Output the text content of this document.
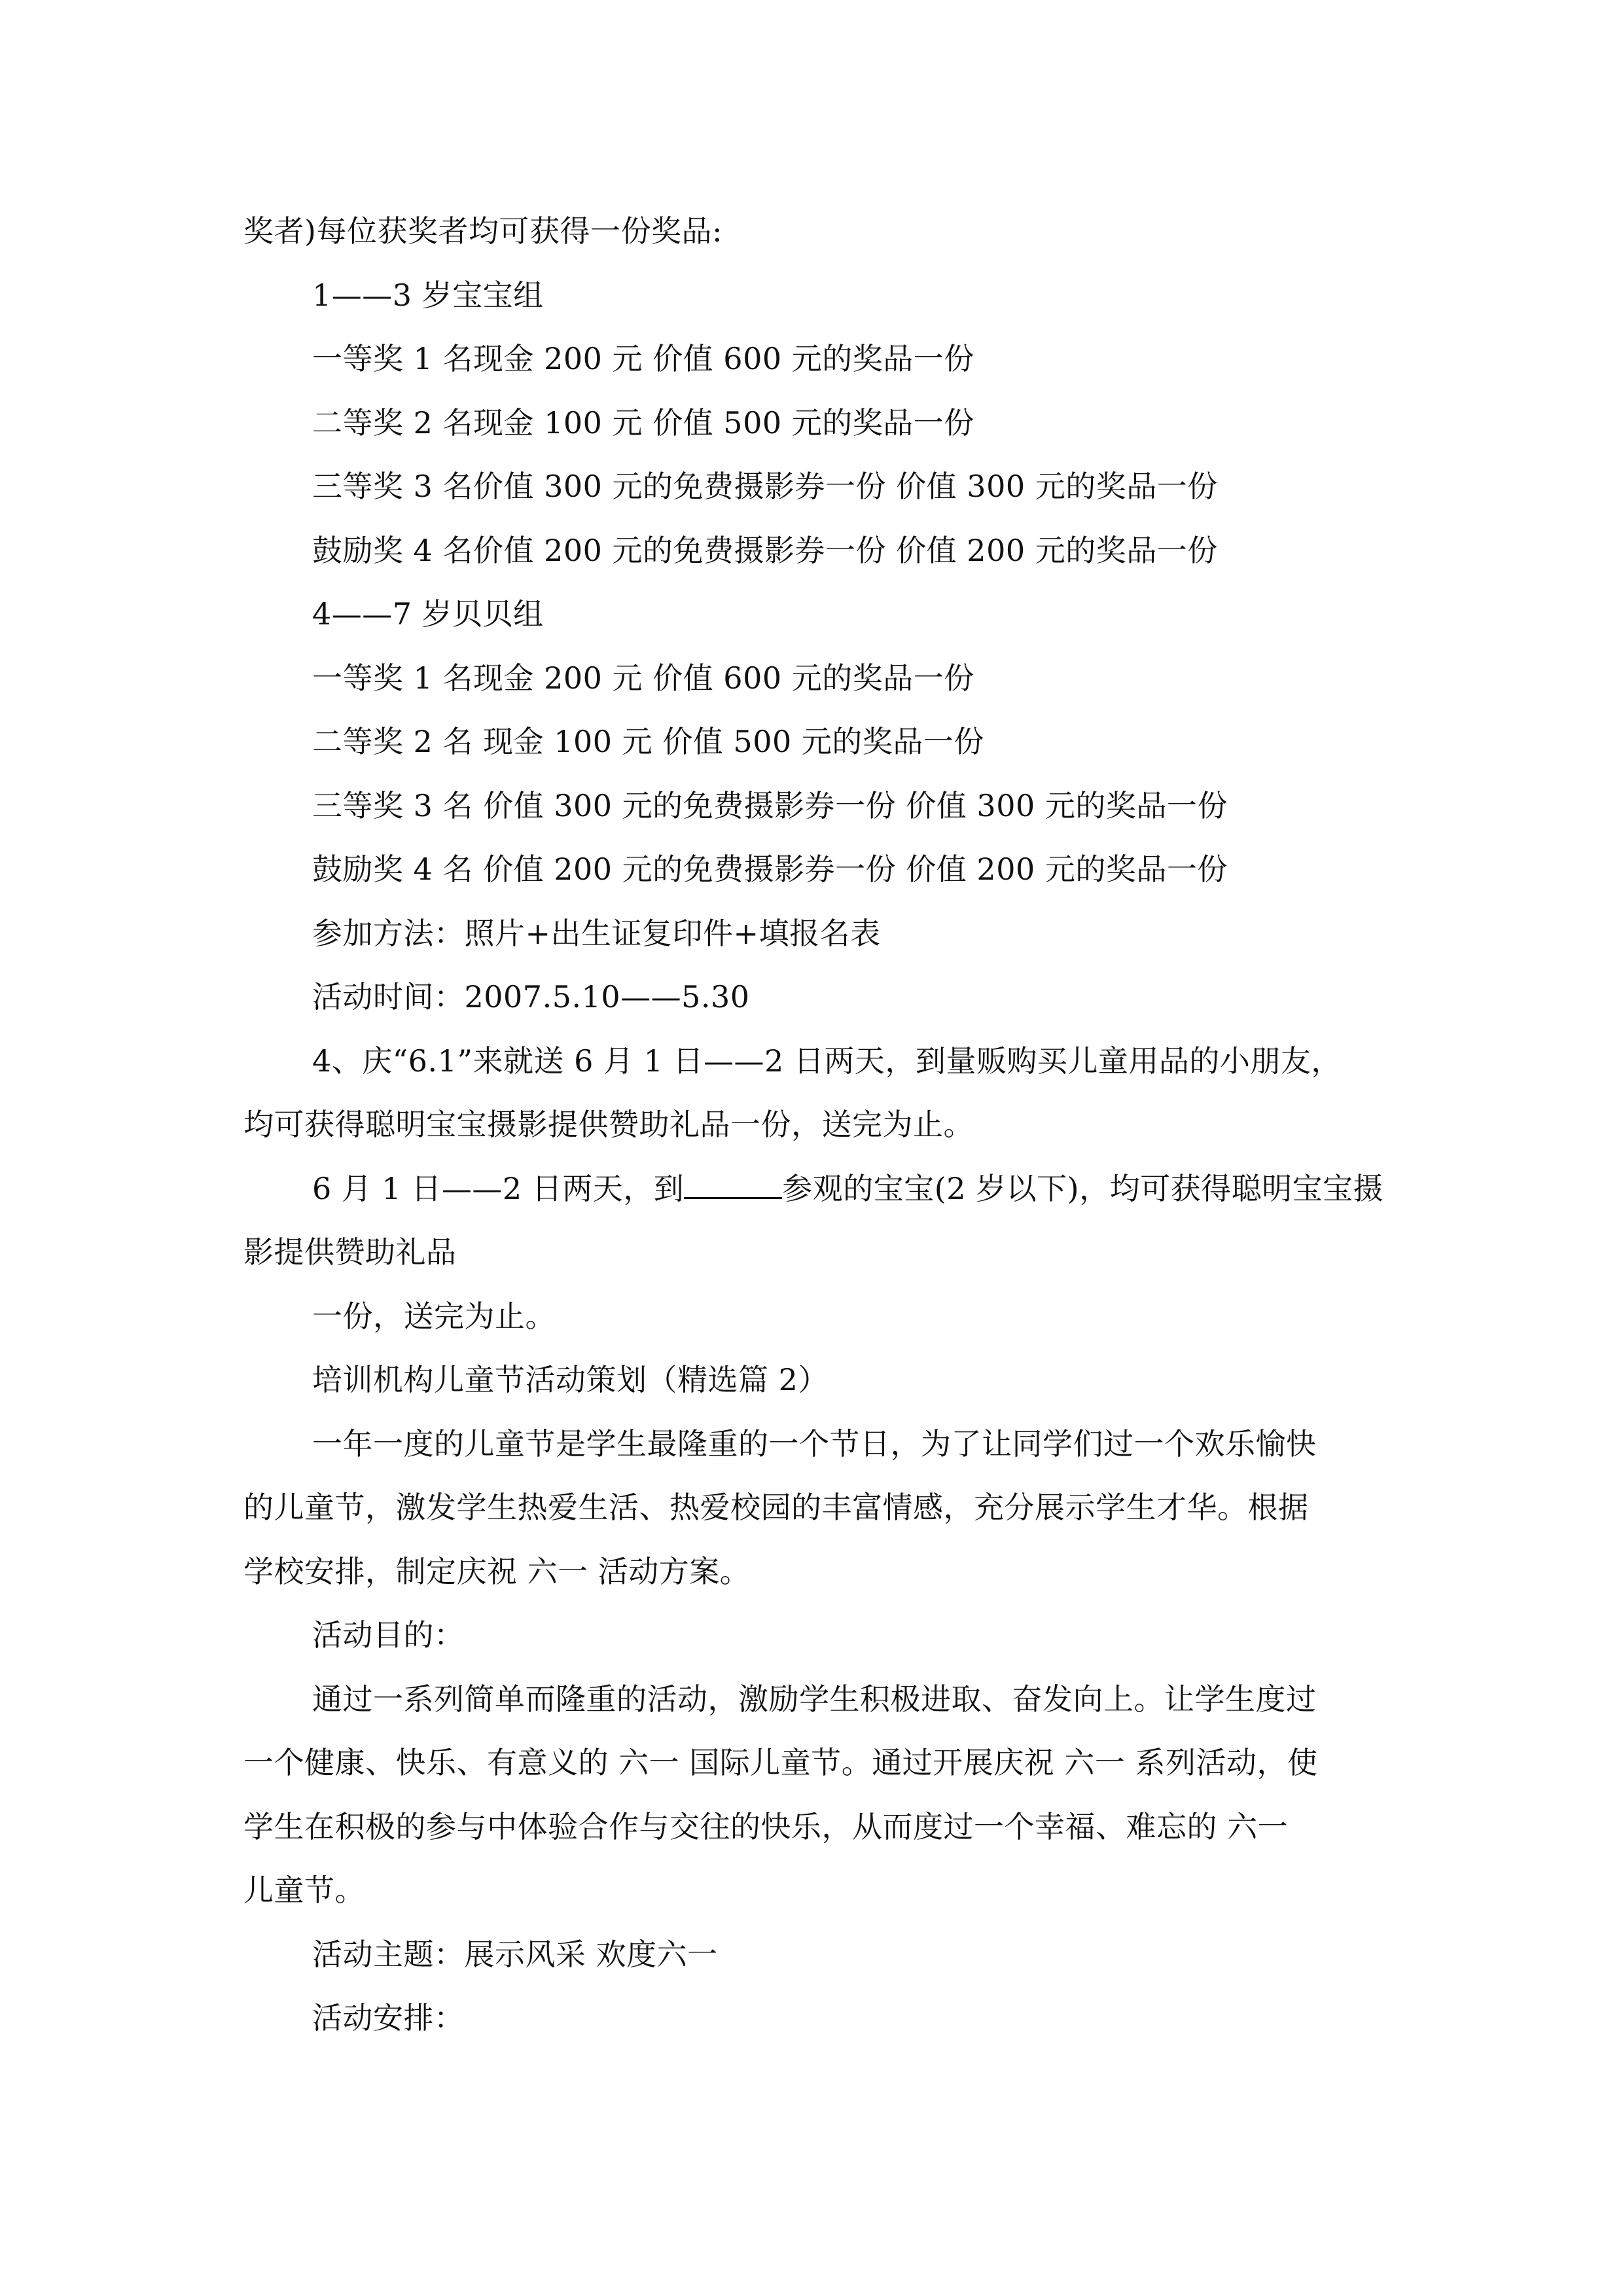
奖者)每位获奖者均可获得一份奖品:
1——3 岁宝宝组
一等奖 1 名现金 200 元 价值 600 元的奖品一份
二等奖 2 名现金 100 元 价值 500 元的奖品一份
三等奖 3 名价值 300 元的免费摄影券一份 价值 300 元的奖品一份
鼓励奖 4 名价值 200 元的免费摄影券一份 价值 200 元的奖品一份
4——7 岁贝贝组
一等奖 1 名现金 200 元 价值 600 元的奖品一份
二等奖 2 名 现金 100 元 价值 500 元的奖品一份
三等奖 3 名 价值 300 元的免费摄影券一份 价值 300 元的奖品一份
鼓励奖 4 名 价值 200 元的免费摄影券一份 价值 200 元的奖品一份
参加方法：照片+出生证复印件+填报名表
活动时间：2007.5.10——5.30
4、庆“6.1”来就送 6 月 1 日——2 日两天，到量贩购买儿童用品的小朋友，
均可获得聪明宝宝摄影提供赞助礼品一份，送完为止。
6 月 1 日——2 日两天，到	参观的宝宝(2 岁以下)，均可获得聪明宝宝摄
影提供赞助礼品
一份，送完为止。
培训机构儿童节活动策划（精选篇 2）
一年一度的儿童节是学生最隆重的一个节日，为了让同学们过一个欢乐愉快
的儿童节，激发学生热爱生活、热爱校园的丰富情感，充分展示学生才华。根据
学校安排，制定庆祝 六一 活动方案。
活动目的：
通过一系列简单而隆重的活动，激励学生积极进取、奋发向上。让学生度过
一个健康、快乐、有意义的 六一 国际儿童节。通过开展庆祝 六一 系列活动，使
学生在积极的参与中体验合作与交往的快乐，从而度过一个幸福、难忘的 六一
儿童节。
活动主题：展示风采 欢度六一
活动安排：
